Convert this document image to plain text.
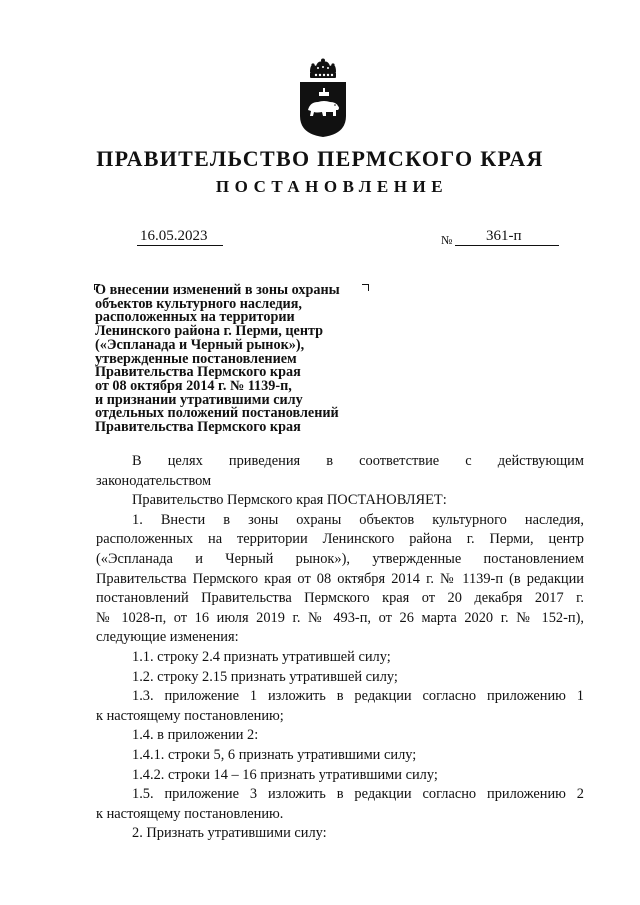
ПРАВИТЕЛЬСТВО ПЕРМСКОГО КРАЯ
ПОСТАНОВЛЕНИЕ
16.05.2023	№ 361-п
О внесении изменений в зоны охраны
объектов культурного наследия,
расположенных на территории
Ленинского района г. Перми, центр
(«Эспланада и Черный рынок»),
утвержденные постановлением
Правительства Пермского края
от 08 октября 2014 г. № 1139-п,
и признании утратившими силу
отдельных положений постановлений
Правительства Пермского края

В целях приведения в соответствие с действующим

законодательством

Правительство Пермского края ПОСТАНОВЛЯЕТ:

1. Внести в зоны охраны объектов культурного наследия,

расположенных на территории Ленинского района г. Перми, центр

(«Эспланада и Черный рынок»), утвержденные постановлением

Правительства Пермского края от 08 октября 2014 г. № 1139-п (в редакции

постановлений Правительства Пермского края от 20 декабря 2017 г.

№ 1028-п, от 16 июля 2019 г. № 493-п, от 26 марта 2020 г. № 152-п),

следующие изменения:

1.1. строку 2.4 признать утратившей силу;

1.2. строку 2.15 признать утратившей силу;

1.3. приложение 1 изложить в редакции согласно приложению 1

к настоящему постановлению;

1.4. в приложении 2:

1.4.1. строки 5, 6 признать утратившими силу;

1.4.2. строки 14 – 16 признать утратившими силу;

1.5. приложение 3 изложить в редакции согласно приложению 2

к настоящему постановлению.

2. Признать утратившими силу:
